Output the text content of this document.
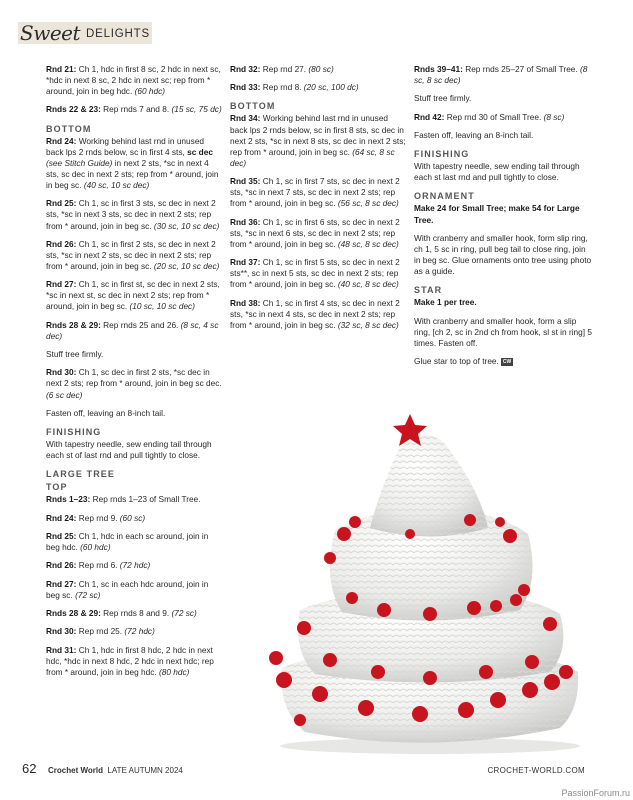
Sweet DELIGHTS

Rnd 21: Ch 1, hdc in first 8 sc, 2 hdc in next sc, *hdc in next 8 sc, 2 hdc in next sc; rep from * around, join in beg hdc. (60 hdc)

Rnds 22 & 23: Rep rnds 7 and 8. (15 sc, 75 dc)

BOTTOM

Rnd 24: Working behind last rnd in unused back lps 2 rnds below, sc in first 4 sts, sc dec (see Stitch Guide) in next 2 sts, *sc in next 4 sts, sc dec in next 2 sts; rep from * around, join in beg sc. (40 sc, 10 sc dec)

Rnd 25: Ch 1, sc in first 3 sts, sc dec in next 2 sts, *sc in next 3 sts, sc dec in next 2 sts; rep from * around, join in beg sc. (30 sc, 10 sc dec)

Rnd 26: Ch 1, sc in first 2 sts, sc dec in next 2 sts, *sc in next 2 sts, sc dec in next 2 sts; rep from * around, join in beg sc. (20 sc, 10 sc dec)

Rnd 27: Ch 1, sc in first st, sc dec in next 2 sts, *sc in next st, sc dec in next 2 sts; rep from * around, join in beg sc. (10 sc, 10 sc dec)

Rnds 28 & 29: Rep rnds 25 and 26. (8 sc, 4 sc dec)

Stuff tree firmly.

Rnd 30: Ch 1, sc dec in first 2 sts, *sc dec in next 2 sts; rep from * around, join in beg sc dec. (6 sc dec)

Fasten off, leaving an 8-inch tail.

FINISHING

With tapestry needle, sew ending tail through each st of last rnd and pull tightly to close.

LARGE TREE
TOP

Rnds 1–23: Rep rnds 1–23 of Small Tree.

Rnd 24: Rep rnd 9. (60 sc)

Rnd 25: Ch 1, hdc in each sc around, join in beg hdc. (60 hdc)

Rnd 26: Rep rnd 6. (72 hdc)

Rnd 27: Ch 1, sc in each hdc around, join in beg sc. (72 sc)

Rnds 28 & 29: Rep rnds 8 and 9. (72 sc)

Rnd 30: Rep rnd 25. (72 hdc)

Rnd 31: Ch 1, hdc in first 8 hdc, 2 hdc in next hdc, *hdc in next 8 hdc, 2 hdc in next hdc; rep from * around, join in beg hdc. (80 hdc)

Rnd 32: Rep rnd 27. (80 sc)

Rnd 33: Rep rnd 8. (20 sc, 100 dc)

BOTTOM

Rnd 34: Working behind last rnd in unused back lps 2 rnds below, sc in first 8 sts, sc dec in next 2 sts, *sc in next 8 sts, sc dec in next 2 sts; rep from * around, join in beg sc. (64 sc, 8 sc dec)

Rnd 35: Ch 1, sc in first 7 sts, sc dec in next 2 sts, *sc in next 7 sts, sc dec in next 2 sts; rep from * around, join in beg sc. (56 sc, 8 sc dec)

Rnd 36: Ch 1, sc in first 6 sts, sc dec in next 2 sts, *sc in next 6 sts, sc dec in next 2 sts; rep from * around, join in beg sc. (48 sc, 8 sc dec)

Rnd 37: Ch 1, sc in first 5 sts, sc dec in next 2 sts**, sc in next 5 sts, sc dec in next 2 sts; rep from * around, join in beg sc. (40 sc, 8 sc dec)

Rnd 38: Ch 1, sc in first 4 sts, sc dec in next 2 sts, *sc in next 4 sts, sc dec in next 2 sts; rep from * around, join in beg sc. (32 sc, 8 sc dec)

Rnds 39–41: Rep rnds 25–27 of Small Tree. (8 sc, 8 sc dec)

Stuff tree firmly.

Rnd 42: Rep rnd 30 of Small Tree. (8 sc)

Fasten off, leaving an 8-inch tail.

FINISHING

With tapestry needle, sew ending tail through each st last rnd and pull tightly to close.

ORNAMENT

Make 24 for Small Tree; make 54 for Large Tree.

With cranberry and smaller hook, form slip ring, ch 1, 5 sc in ring, pull beg tail to close ring, join in beg sc. Glue ornaments onto tree using photo as a guide.

STAR

Make 1 per tree.

With cranberry and smaller hook, form a slip ring, [ch 2, sc in 2nd ch from hook, sl st in ring] 5 times. Fasten off.

Glue star to top of tree. CW

62 Crochet World LATE AUTUMN 2024	CROCHET-WORLD.COM
PassionForum.ru
